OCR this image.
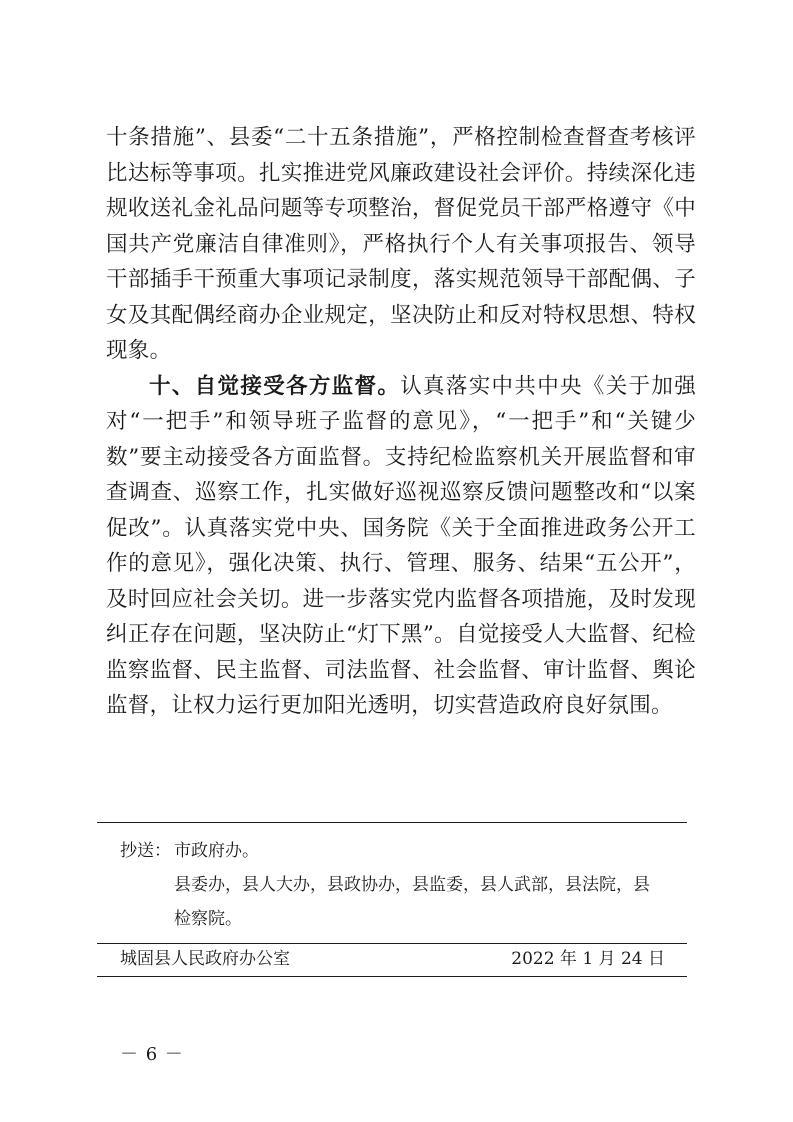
十条措施”、县委“二十五条措施”，严格控制检查督查考核评比达标等事项。扎实推进党风廉政建设社会评价。持续深化违规收送礼金礼品问题等专项整治，督促党员干部严格遵守《中国共产党廉洁自律准则》，严格执行个人有关事项报告、领导干部插手干预重大事项记录制度，落实规范领导干部配偶、子女及其配偶经商办企业规定，坚决防止和反对特权思想、特权现象。

十、自觉接受各方监督。认真落实中共中央《关于加强对“一把手”和领导班子监督的意见》，“一把手”和“关键少数”要主动接受各方面监督。支持纪检监察机关开展监督和审查调查、巡察工作，扎实做好巡视巡察反馈问题整改和“以案促改”。认真落实党中央、国务院《关于全面推进政务公开工作的意见》，强化决策、执行、管理、服务、结果“五公开”，及时回应社会关切。进一步落实党内监督各项措施，及时发现纠正存在问题，坚决防止“灯下黑”。自觉接受人大监督、纪检监察监督、民主监督、司法监督、社会监督、审计监督、舆论监督，让权力运行更加阳光透明，切实营造政府良好氛围。

抄送： 市政府办。
县委办，县人大办，县政协办，县监委，县人武部，县法院，县
检察院。
城固县人民政府办公室	2022 年 1 月 24 日
－ 6 －
